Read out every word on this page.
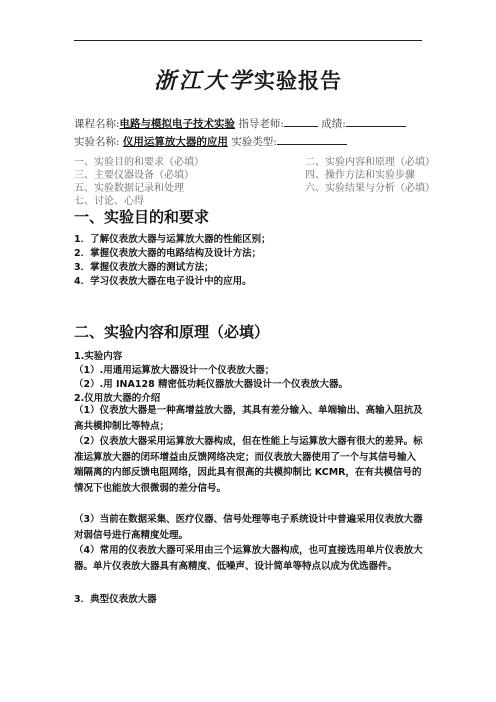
浙江大学实验报告
课程名称:电路与模拟电子技术实验 指导老师:	成绩:
实验名称: 仪用运算放大器的应用 实验类型:
一、实验目的和要求（必填）	二、实验内容和原理（必填）
三、主要仪器设备（必填）	四、操作方法和实验步骤
五、实验数据记录和处理	六、实验结果与分析（必填）
七、讨论、心得
一、实验目的和要求
1．了解仪表放大器与运算放大器的性能区别；
2．掌握仪表放大器的电路结构及设计方法；
3．掌握仪表放大器的测试方法；
4．学习仪表放大器在电子设计中的应用。
二、实验内容和原理（必填）
1.实验内容
（1）.用通用运算放大器设计一个仪表放大器；
（2）.用 INA128 精密低功耗仪器放大器设计一个仪表放大器。
2.仪用放大器的介绍
（1）仪表放大器是一种高增益放大器，其具有差分输入、单端输出、高输入阻抗及高共模抑制比等特点；
（2）仪表放大器采用运算放大器构成，但在性能上与运算放大器有很大的差异。标准运算放大器的闭环增益由反馈网络决定；而仪表放大器使用了一个与其信号输入端隔离的内部反馈电阻网络，因此具有很高的共模抑制比 KCMR，在有共模信号的情况下也能放大很微弱的差分信号。
（3）当前在数据采集、医疗仪器、信号处理等电子系统设计中普遍采用仪表放大器对弱信号进行高精度处理。
（4）常用的仪表放大器可采用由三个运算放大器构成，也可直接选用单片仪表放大器。单片仪表放大器具有高精度、低噪声、设计简单等特点以成为优选器件。
3．典型仪表放大器
